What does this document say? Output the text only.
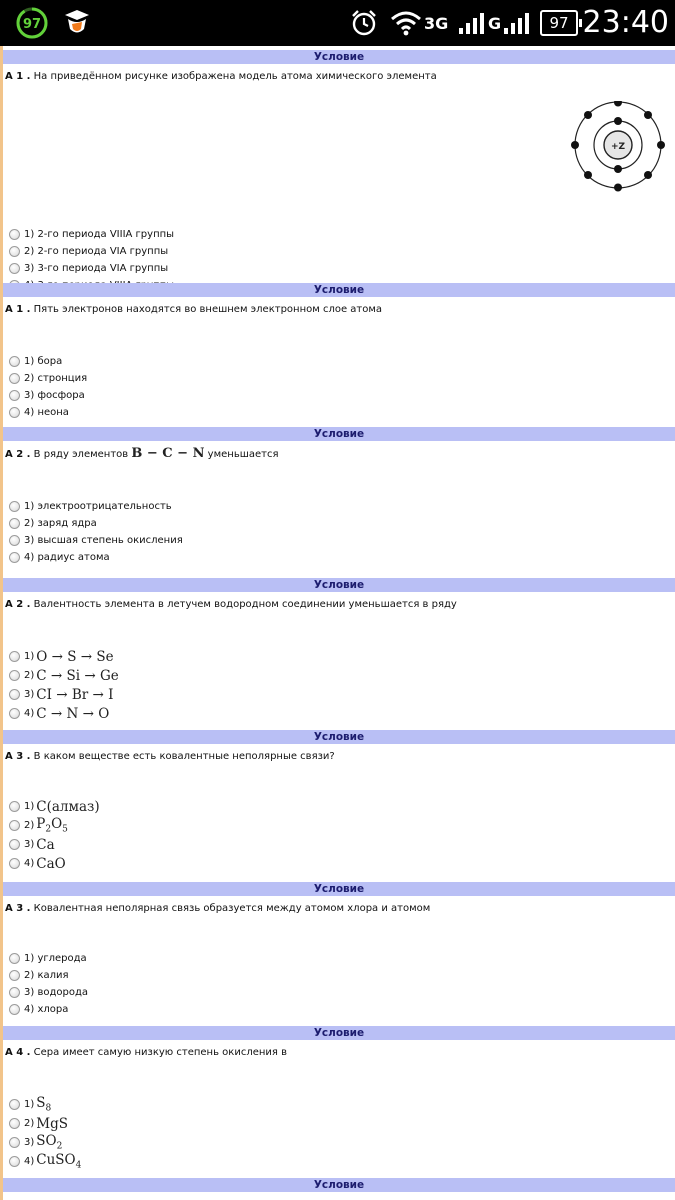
97	3G G	97 23:40
Условие
А 1 . На приведённом рисунке изображена модель атома химического элемента
+Z
1) 2-го периода VIIIA группы
2) 2-го периода VIA группы
3) 3-го периода VIA группы
Условие
А 1 . Пять электронов находятся во внешнем электронном слое атома
1) бора
2) стронция
3) фосфора
4) неона
Условие
А 2 . В ряду элементов B − C − N уменьшается
1) электроотрицательность
2) заряд ядра
3) высшая степень окисления
4) радиус атома
Условие
А 2 . Валентность элемента в летучем водородном соединении уменьшается в ряду
1) O → S → Se
2) C → Si → Ge
3) CI → Br → I
4) C → N → O
Условие
А 3 . В каком веществе есть ковалентные неполярные связи?
1) C(алмаз)
2) $P_2O_5$
3) Ca
4) CaO
Условие
А 3 . Ковалентная неполярная связь образуется между атомом хлора и атомом
1) углерода
2) калия
3) водорода
4) хлора
Условие
А 4 . Сера имеет самую низкую степень окисления в
1) $S_8$
2) MgS
3) $SO_2$
4) CuSO$_4$
Условие
